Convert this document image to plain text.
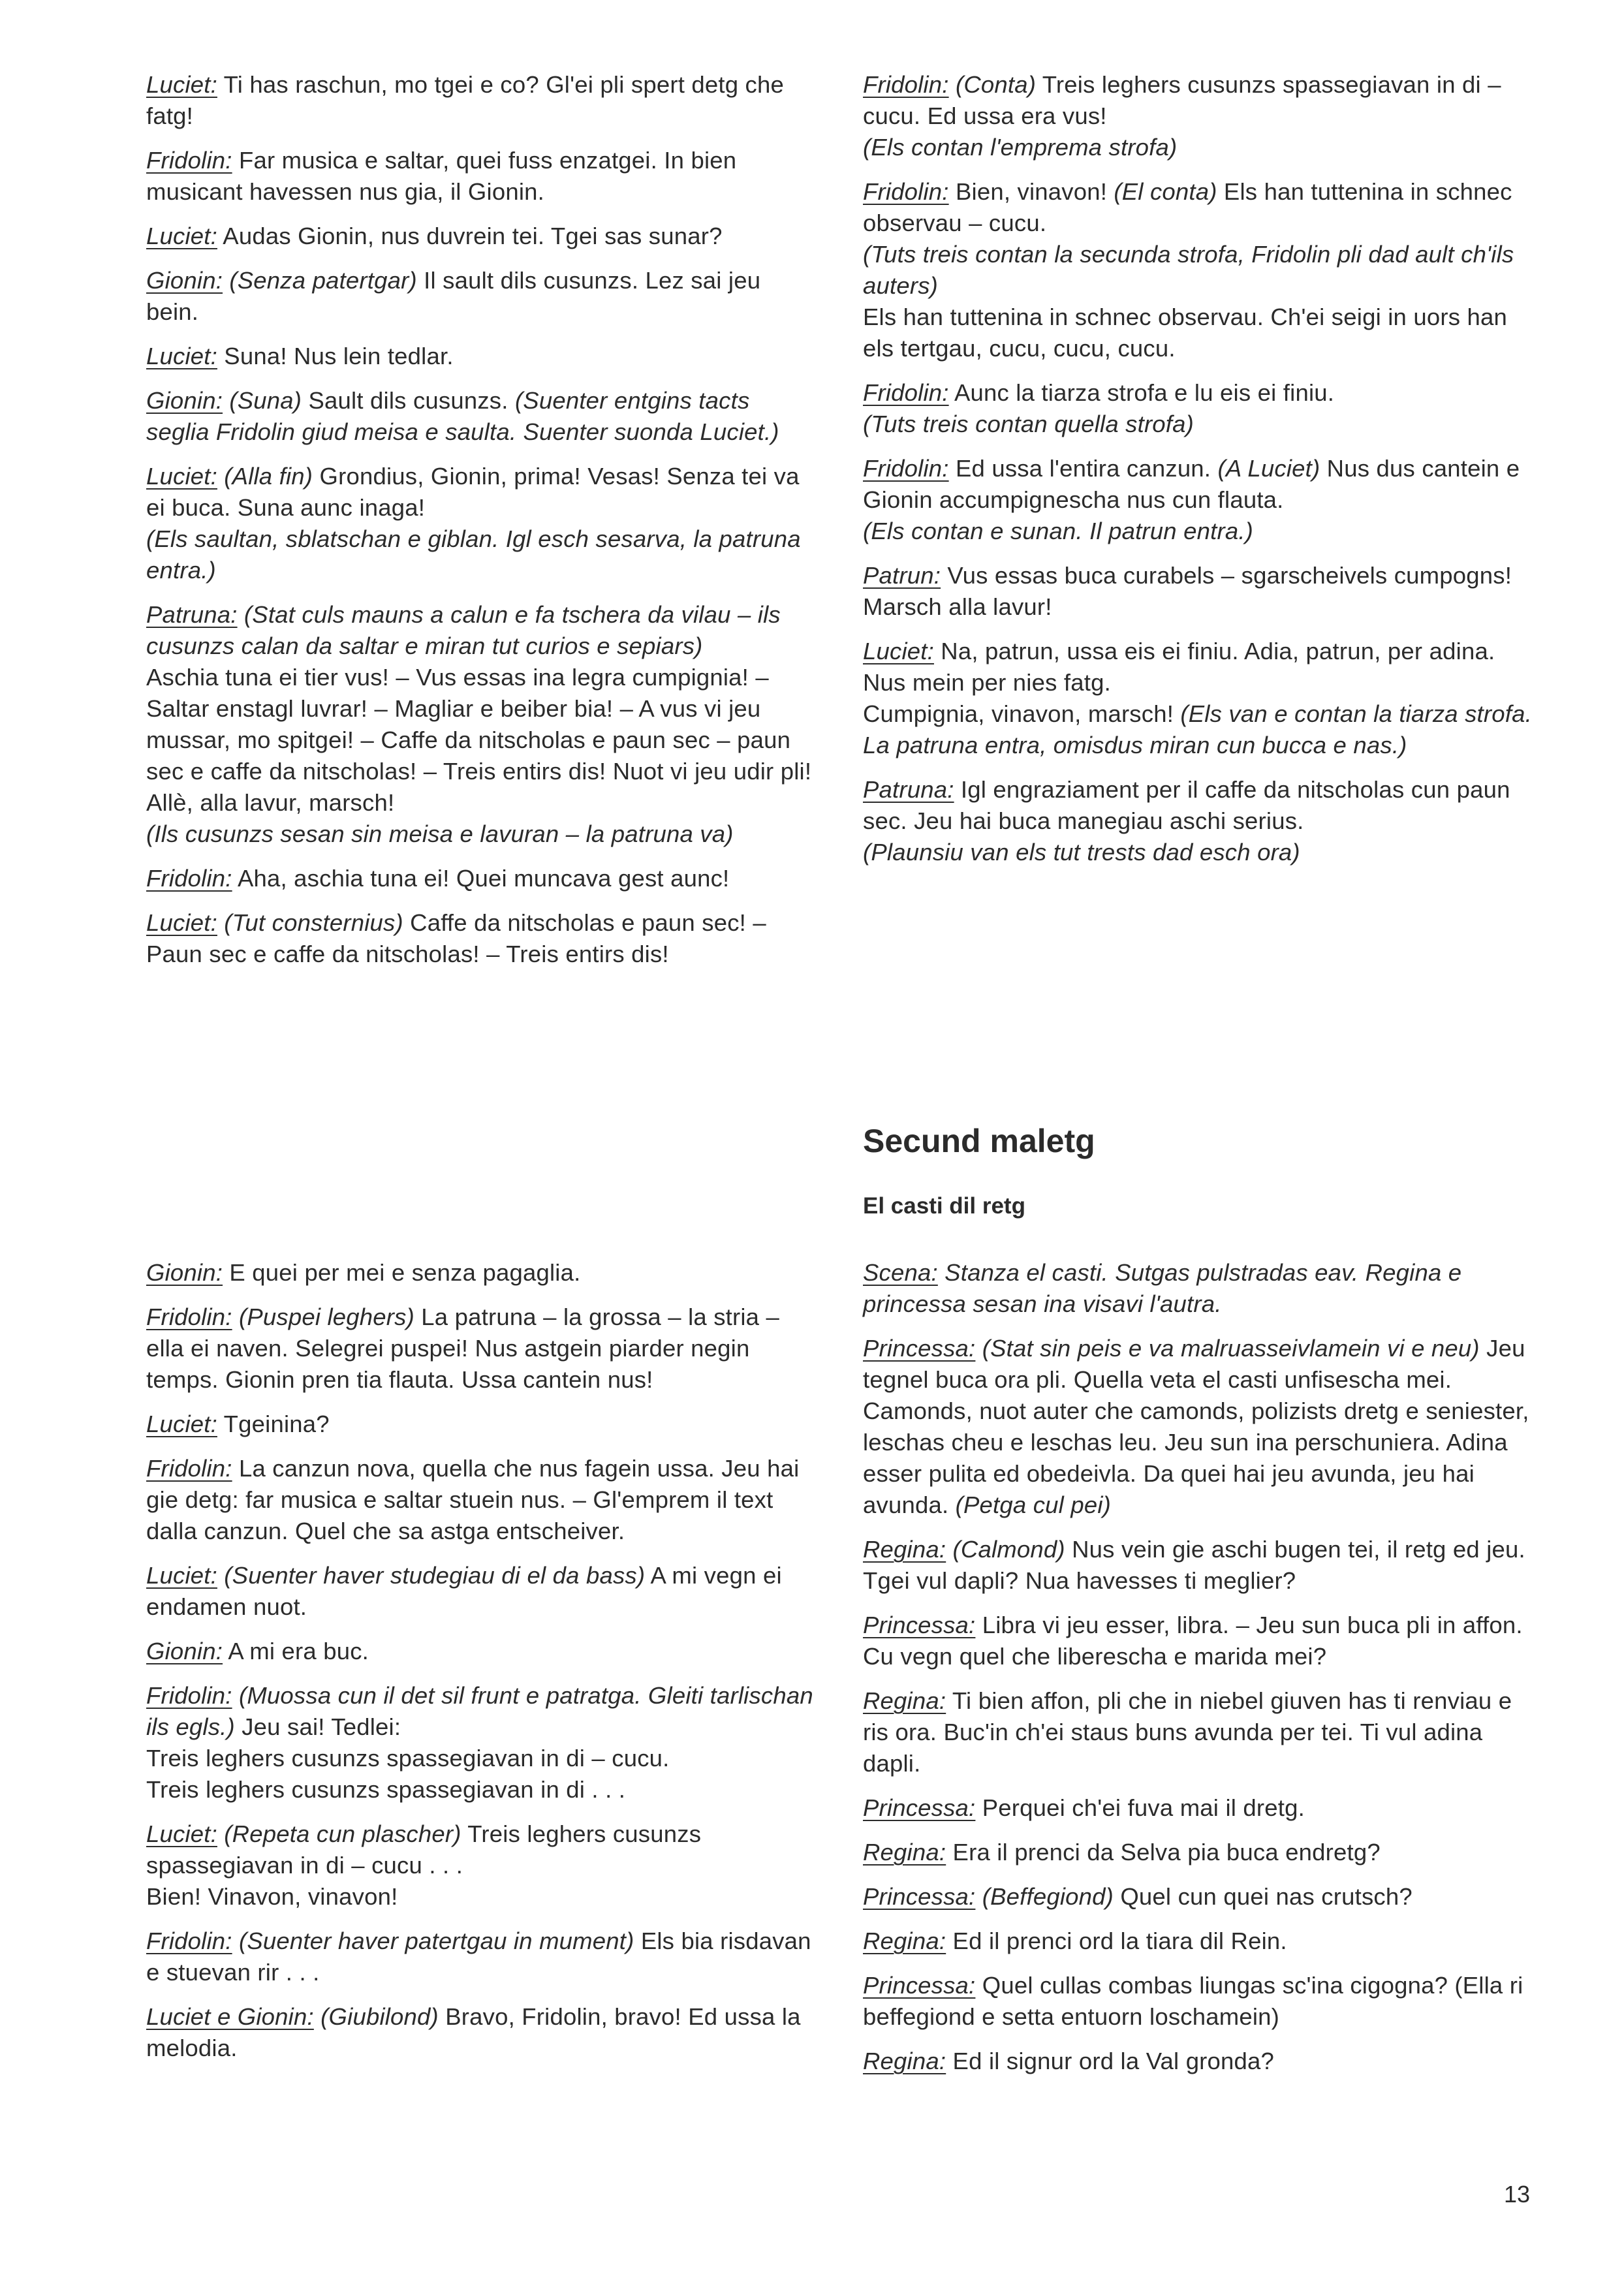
Luciet: Ti has raschun, mo tgei e co? Gl'ei pli spert detg che fatg!

Fridolin: Far musica e saltar, quei fuss enzatgei. In bien musicant havessen nus gia, il Gionin.

Luciet: Audas Gionin, nus duvrein tei. Tgei sas sunar?

Gionin: (Senza patertgar) Il sault dils cusunzs. Lez sai jeu bein.

Luciet: Suna! Nus lein tedlar.

Gionin: (Suna) Sault dils cusunzs. (Suenter entgins tacts seglia Fridolin giud meisa e saulta. Suenter suonda Luciet.)

Luciet: (Alla fin) Grondius, Gionin, prima! Vesas! Senza tei va ei buca. Suna aunc inaga!
(Els saultan, sblatschan e giblan. Igl esch sesarva, la patruna entra.)

Patruna: (Stat culs mauns a calun e fa tschera da vilau – ils cusunzs calan da saltar e miran tut curios e sepiars)
Aschia tuna ei tier vus! – Vus essas ina legra cumpignia! – Saltar enstagl luvrar! – Magliar e beiber bia! – A vus vi jeu mussar, mo spitgei! – Caffe da nitscholas e paun sec – paun sec e caffe da nitscholas! – Treis entirs dis! Nuot vi jeu udir pli! Allè, alla lavur, marsch!
(Ils cusunzs sesan sin meisa e lavuran – la patruna va)

Fridolin: Aha, aschia tuna ei! Quei muncava gest aunc!

Luciet: (Tut consternius) Caffe da nitscholas e paun sec! – Paun sec e caffe da nitscholas! – Treis entirs dis!

Gionin: E quei per mei e senza pagaglia.

Fridolin: (Puspei leghers) La patruna – la grossa – la stria – ella ei naven. Selegrei puspei! Nus astgein piarder negin temps. Gionin pren tia flauta. Ussa cantein nus!

Luciet: Tgeinina?

Fridolin: La canzun nova, quella che nus fagein ussa. Jeu hai gie detg: far musica e saltar stuein nus. – Gl'emprem il text dalla canzun. Quel che sa astga entscheiver.

Luciet: (Suenter haver studegiau di el da bass) A mi vegn ei endamen nuot.

Gionin: A mi era buc.

Fridolin: (Muossa cun il det sil frunt e patratga. Gleiti tarlischan ils egls.) Jeu sai! Tedlei:
Treis leghers cusunzs spassegiavan in di – cucu.
Treis leghers cusunzs spassegiavan in di . . .

Luciet: (Repeta cun plascher) Treis leghers cusunzs spassegiavan in di – cucu . . .
Bien! Vinavon, vinavon!

Fridolin: (Suenter haver patertgau in mument) Els bia risdavan e stuevan rir . . .

Luciet e Gionin: (Giubilond) Bravo, Fridolin, bravo! Ed ussa la melodia.

Fridolin: (Conta) Treis leghers cusunzs spassegiavan in di – cucu. Ed ussa era vus!
(Els contan l'emprema strofa)

Fridolin: Bien, vinavon! (El conta) Els han tuttenina in schnec observau – cucu.
(Tuts treis contan la secunda strofa, Fridolin pli dad ault ch'ils auters)
Els han tuttenina in schnec observau. Ch'ei seigi in uors han els tertgau, cucu, cucu, cucu.

Fridolin: Aunc la tiarza strofa e lu eis ei finiu.
(Tuts treis contan quella strofa)

Fridolin: Ed ussa l'entira canzun. (A Luciet) Nus dus cantein e Gionin accumpignescha nus cun flauta.
(Els contan e sunan. Il patrun entra.)

Patrun: Vus essas buca curabels – sgarscheivels cumpogns! Marsch alla lavur!

Luciet: Na, patrun, ussa eis ei finiu. Adia, patrun, per adina. Nus mein per nies fatg.
Cumpignia, vinavon, marsch! (Els van e contan la tiarza strofa. La patruna entra, omisdus miran cun bucca e nas.)

Patruna: Igl engraziament per il caffe da nitscholas cun paun sec. Jeu hai buca manegiau aschi serius.
(Plaunsiu van els tut trests dad esch ora)

Secund maletg
El casti dil retg

Scena: Stanza el casti. Sutgas pulstradas eav. Regina e princessa sesan ina visavi l'autra.

Princessa: (Stat sin peis e va malruasseivlamein vi e neu) Jeu tegnel buca ora pli. Quella veta el casti unfisescha mei. Camonds, nuot auter che camonds, polizists dretg e seniester, leschas cheu e leschas leu. Jeu sun ina perschuniera. Adina esser pulita ed obedeivla. Da quei hai jeu avunda, jeu hai avunda. (Petga cul pei)

Regina: (Calmond) Nus vein gie aschi bugen tei, il retg ed jeu. Tgei vul dapli? Nua havesses ti meglier?

Princessa: Libra vi jeu esser, libra. – Jeu sun buca pli in affon. Cu vegn quel che liberescha e marida mei?

Regina: Ti bien affon, pli che in niebel giuven has ti renviau e ris ora. Buc'in ch'ei staus buns avunda per tei. Ti vul adina dapli.

Princessa: Perquei ch'ei fuva mai il dretg.

Regina: Era il prenci da Selva pia buca endretg?

Princessa: (Beffegiond) Quel cun quei nas crutsch?

Regina: Ed il prenci ord la tiara dil Rein.

Princessa: Quel cullas combas liungas sc'ina cigogna? (Ella ri beffegiond e setta entuorn loschamein)

Regina: Ed il signur ord la Val gronda?

13
